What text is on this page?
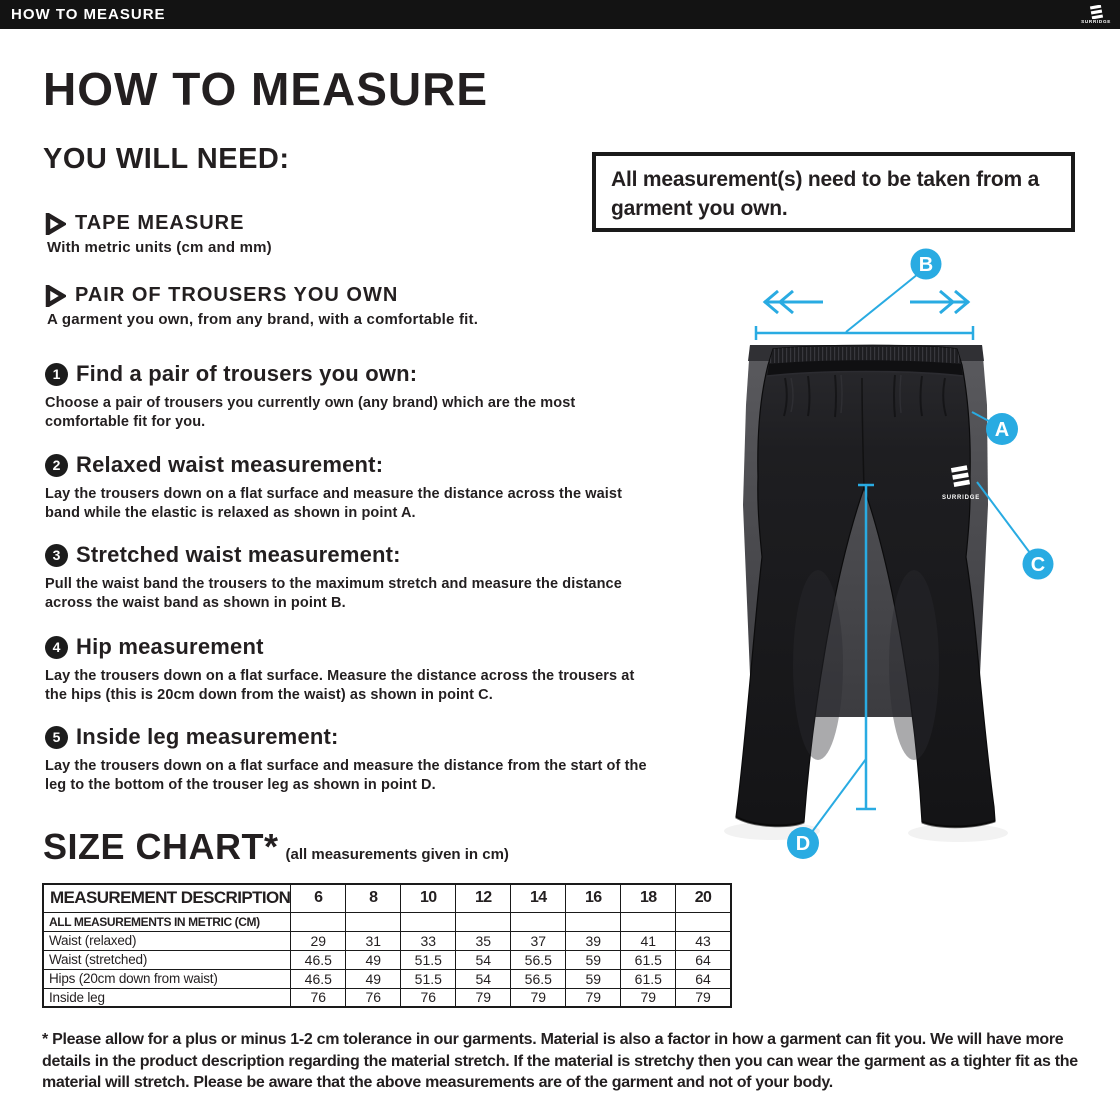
HOW TO MEASURE	SURRIDGE
HOW TO MEASURE
YOU WILL NEED:
TAPE MEASURE
With metric units (cm and mm)
PAIR OF TROUSERS YOU OWN
A garment you own, from any brand, with a comfortable fit.
All measurement(s) need to be taken from a
garment you own.
1 Find a pair of trousers you own:
Choose a pair of trousers you currently own (any brand) which are the most comfortable fit for you.
2 Relaxed waist measurement:
Lay the trousers down on a flat surface and measure the distance across the waist band while the elastic is relaxed as shown in point A.
3 Stretched waist measurement:
Pull the waist band the trousers to the maximum stretch and measure the distance across the waist band as shown in point B.
4 Hip measurement
Lay the trousers down on a flat surface. Measure the distance across the trousers at the hips (this is 20cm down from the waist) as shown in point C.
5 Inside leg measurement:
Lay the trousers down on a flat surface and measure the distance from the start of the leg to the bottom of the trouser leg as shown in point D.
SURRIDGE
A
B
C
D
SIZE CHART* (all measurements given in cm)
MEASUREMENT DESCRIPTION	6	8	10	12	14	16	18	20
ALL MEASUREMENTS IN METRIC (CM)								
Waist (relaxed)	29	31	33	35	37	39	41	43
Waist (stretched)	46.5	49	51.5	54	56.5	59	61.5	64
Hips (20cm down from waist)	46.5	49	51.5	54	56.5	59	61.5	64
Inside leg	76	76	76	79	79	79	79	79
* Please allow for a plus or minus 1-2 cm tolerance in our garments. Material is also a factor in how a garment can fit you. We will have more details in the product description regarding the material stretch. If the material is stretchy then you can wear the garment as a tighter fit as the material will stretch. Please be aware that the above measurements are of the garment and not of your body.
